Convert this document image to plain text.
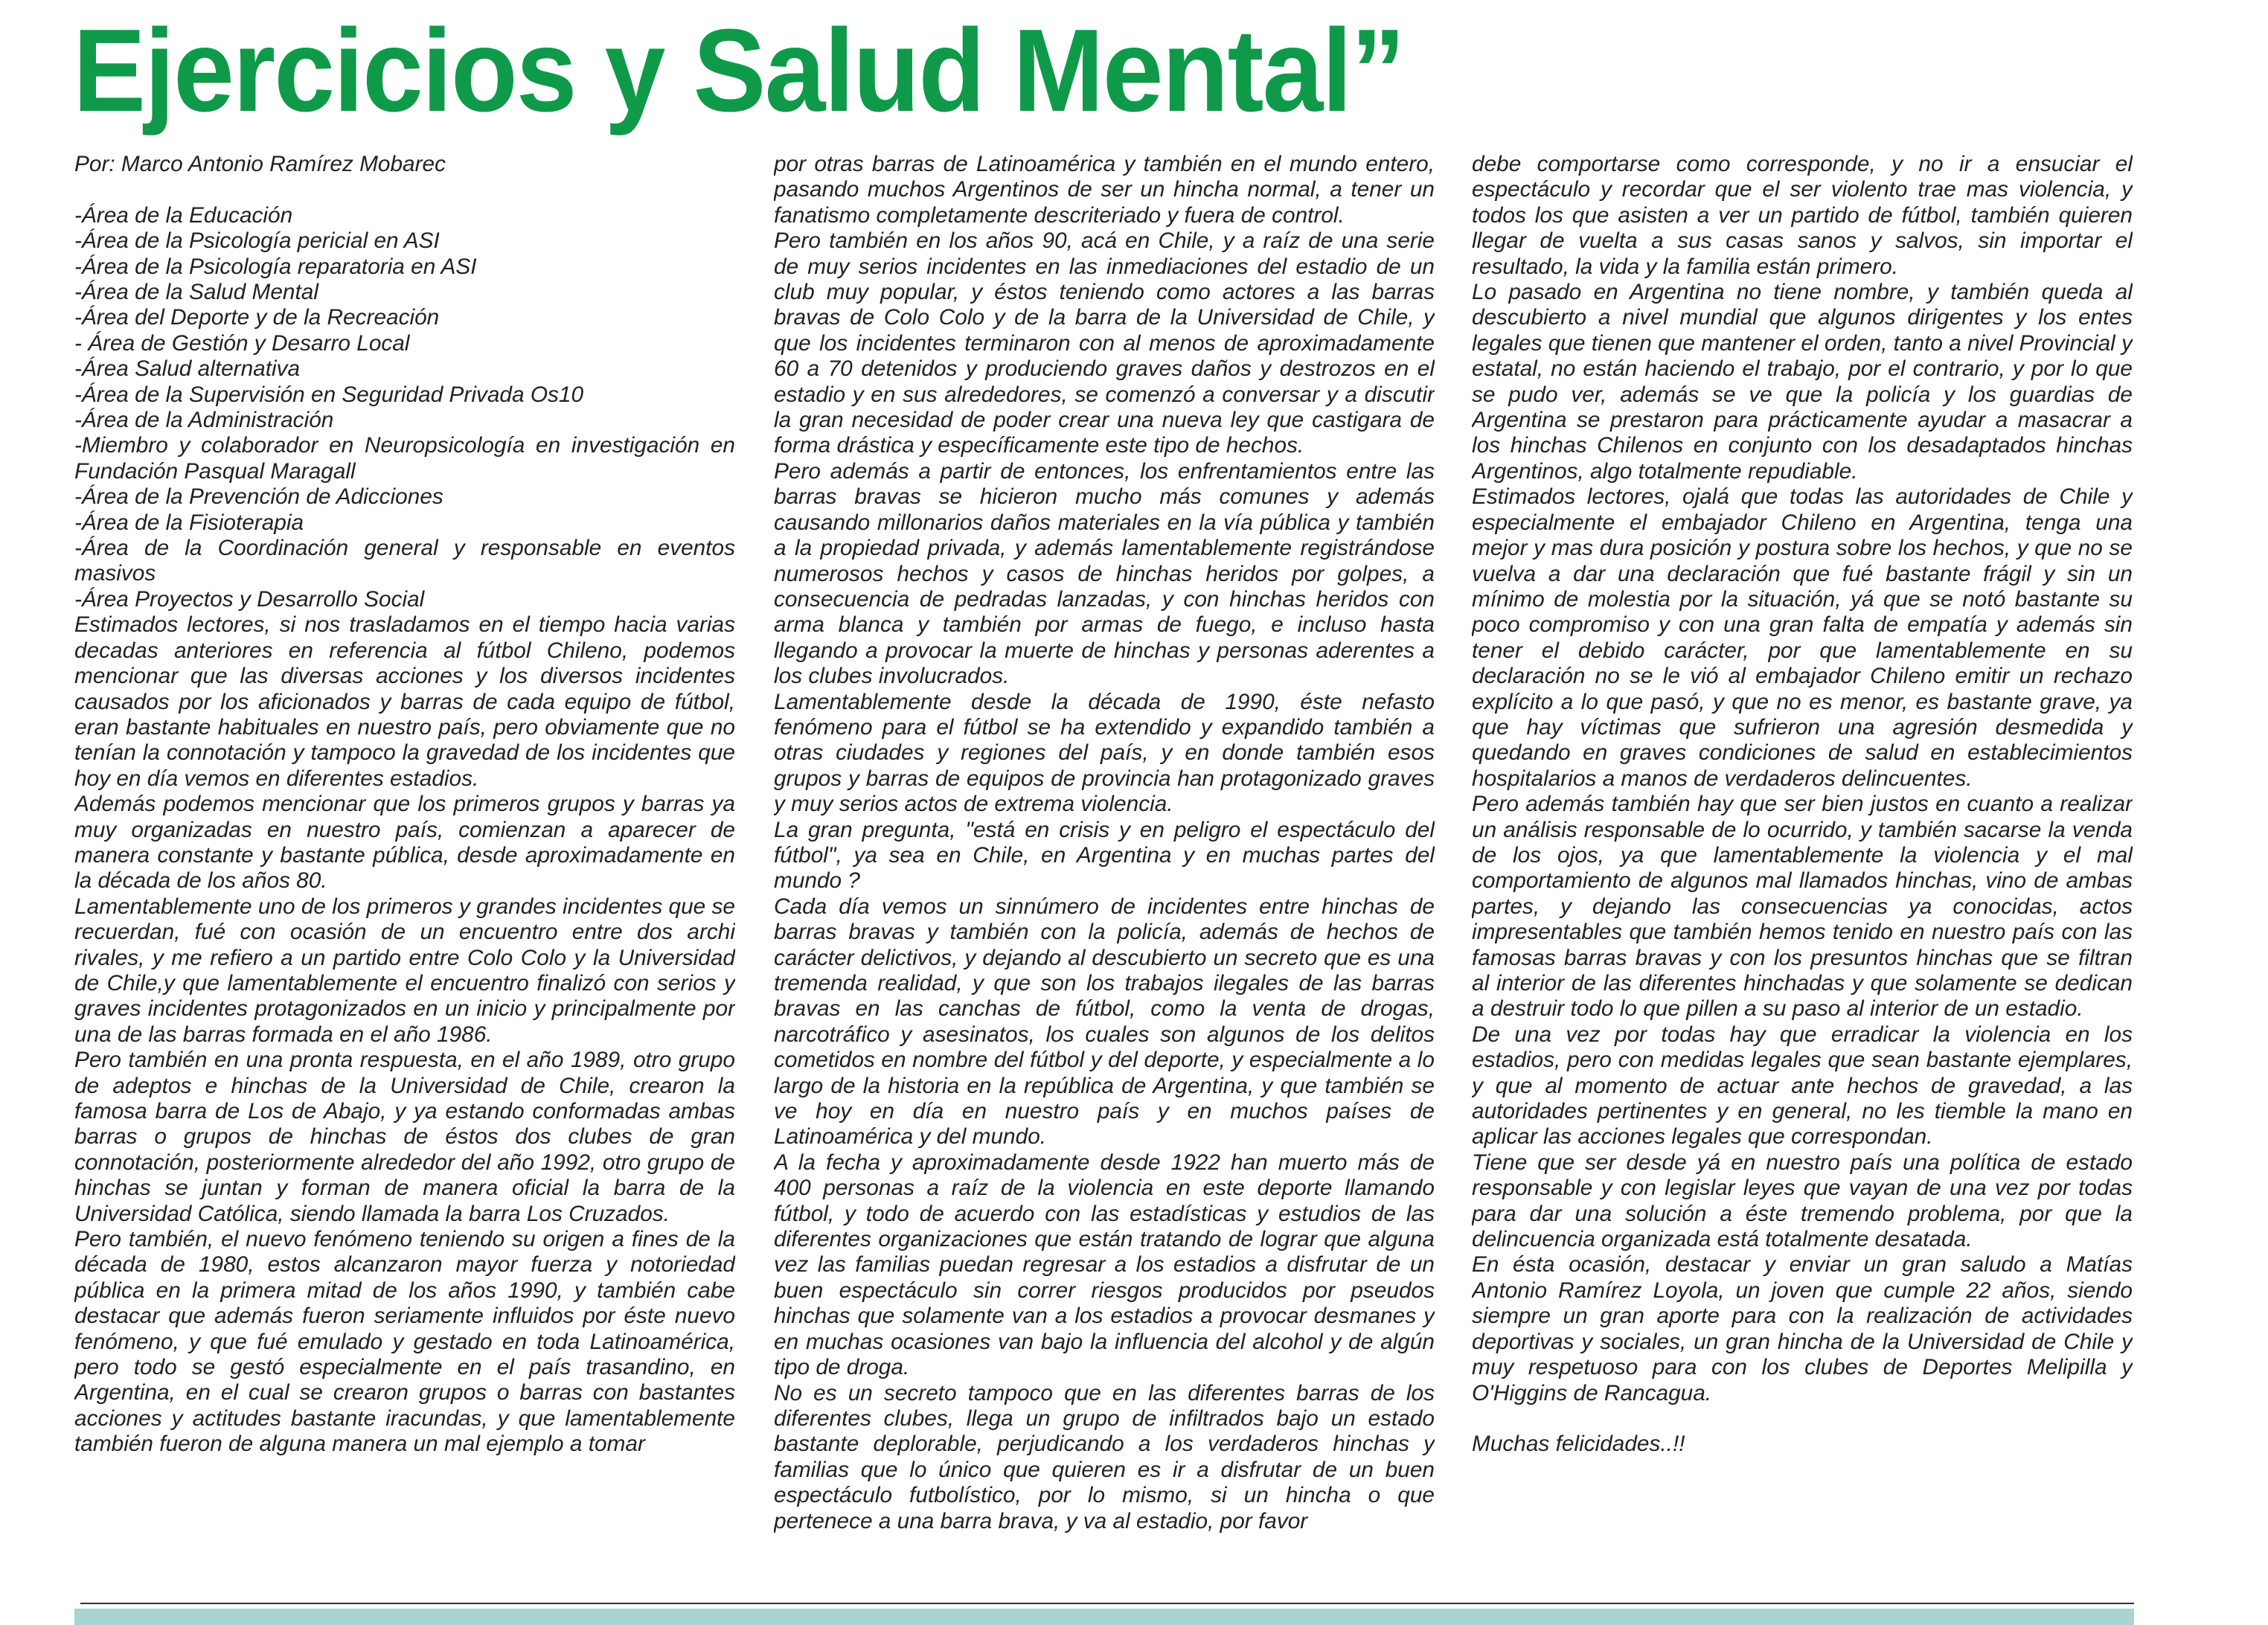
Ejercicios y Salud Mental”
Por: Marco Antonio Ramírez Mobarec
-Área de la Educación
-Área de la Psicología pericial en ASI
-Área de la Psicología reparatoria en ASI
-Área de la Salud Mental
-Área del Deporte y de la Recreación
- Área de Gestión y Desarro Local
-Área Salud alternativa
-Área de la Supervisión en Seguridad Privada Os10
-Área de la Administración

-Miembro y colaborador en Neuropsicología en investigación en Fundación Pasqual Maragall

-Área de la Prevención de Adicciones
-Área de la Fisioterapia

-Área de la Coordinación general y responsable en eventos masivos

-Área Proyectos y Desarrollo Social

Estimados lectores, si nos trasladamos en el tiempo hacia varias decadas anteriores en referencia al fútbol Chileno, podemos mencionar que las diversas acciones y los diversos incidentes causados por los aficionados y barras de cada equipo de fútbol, eran bastante habituales en nuestro país, pero obviamente que no tenían la connotación y tampoco la gravedad de los incidentes que hoy en día vemos en diferentes estadios.

Además podemos mencionar que los primeros grupos y barras ya muy organizadas en nuestro país, comienzan a aparecer de manera constante y bastante pública, desde aproximadamente en la década de los años 80.

Lamentablemente uno de los primeros y grandes incidentes que se recuerdan, fué con ocasión de un encuentro entre dos archi rivales, y me refiero a un partido entre Colo Colo y la Universidad de Chile,y que lamentablemente el encuentro finalizó con serios y graves incidentes protagonizados en un inicio y principalmente por una de las barras formada en el año 1986.

Pero también en una pronta respuesta, en el año 1989, otro grupo de adeptos e hinchas de la Universidad de Chile, crearon la famosa barra de Los de Abajo, y ya estando conformadas ambas barras o grupos de hinchas de éstos dos clubes de gran connotación, posteriormente alrededor del año 1992, otro grupo de hinchas se juntan y forman de manera oficial la barra de la Universidad Católica, siendo llamada la barra Los Cruzados.

Pero también, el nuevo fenómeno teniendo su origen a fines de la década de 1980, estos alcanzaron mayor fuerza y notoriedad pública en la primera mitad de los años 1990, y también cabe destacar que además fueron seriamente influidos por éste nuevo fenómeno, y que fué emulado y gestado en toda Latinoamérica, pero todo se gestó especialmente en el país trasandino, en Argentina, en el cual se crearon grupos o barras con bastantes acciones y actitudes bastante iracundas, y que lamentablemente también fueron de alguna manera un mal ejemplo a tomar

por otras barras de Latinoamérica y también en el mundo entero, pasando muchos Argentinos de ser un hincha normal, a tener un fanatismo completamente descriteriado y fuera de control.

Pero también en los años 90, acá en Chile, y a raíz de una serie de muy serios incidentes en las inmediaciones del estadio de un club muy popular, y éstos teniendo como actores a las barras bravas de Colo Colo y de la barra de la Universidad de Chile, y que los incidentes terminaron con al menos de aproximadamente 60 a 70 detenidos y produciendo graves daños y destrozos en el estadio y en sus alrededores, se comenzó a conversar y a discutir la gran necesidad de poder crear una nueva ley que castigara de forma drástica y específicamente este tipo de hechos.

Pero además a partir de entonces, los enfrentamientos entre las barras bravas se hicieron mucho más comunes y además causando millonarios daños materiales en la vía pública y también a la propiedad privada, y además lamentablemente registrándose numerosos hechos y casos de hinchas heridos por golpes, a consecuencia de pedradas lanzadas, y con hinchas heridos con arma blanca y también por armas de fuego, e incluso hasta llegando a provocar la muerte de hinchas y personas aderentes a los clubes involucrados.

Lamentablemente desde la década de 1990, éste nefasto fenómeno para el fútbol se ha extendido y expandido también a otras ciudades y regiones del país, y en donde también esos grupos y barras de equipos de provincia han protagonizado graves y muy serios actos de extrema violencia.

La gran pregunta, "está en crisis y en peligro el espectáculo del fútbol", ya sea en Chile, en Argentina y en muchas partes del mundo ?

Cada día vemos un sinnúmero de incidentes entre hinchas de barras bravas y también con la policía, además de hechos de carácter delictivos, y dejando al descubierto un secreto que es una tremenda realidad, y que son los trabajos ilegales de las barras bravas en las canchas de fútbol, como la venta de drogas, narcotráfico y asesinatos, los cuales son algunos de los delitos cometidos en nombre del fútbol y del deporte, y especialmente a lo largo de la historia en la república de Argentina, y que también se ve hoy en día en nuestro país y en muchos países de Latinoamérica y del mundo.

A la fecha y aproximadamente desde 1922 han muerto más de 400 personas a raíz de la violencia en este deporte llamando fútbol, y todo de acuerdo con las estadísticas y estudios de las diferentes organizaciones que están tratando de lograr que alguna vez las familias puedan regresar a los estadios a disfrutar de un buen espectáculo sin correr riesgos producidos por pseudos hinchas que solamente van a los estadios a provocar desmanes y en muchas ocasiones van bajo la influencia del alcohol y de algún tipo de droga.

No es un secreto tampoco que en las diferentes barras de los diferentes clubes, llega un grupo de infiltrados bajo un estado bastante deplorable, perjudicando a los verdaderos hinchas y familias que lo único que quieren es ir a disfrutar de un buen espectáculo futbolístico, por lo mismo, si un hincha o que pertenece a una barra brava, y va al estadio, por favor

debe comportarse como corresponde, y no ir a ensuciar el espectáculo y recordar que el ser violento trae mas violencia, y todos los que asisten a ver un partido de fútbol, también quieren llegar de vuelta a sus casas sanos y salvos, sin importar el resultado, la vida y la familia están primero.

Lo pasado en Argentina no tiene nombre, y también queda al descubierto a nivel mundial que algunos dirigentes y los entes legales que tienen que mantener el orden, tanto a nivel Provincial y estatal, no están haciendo el trabajo, por el contrario, y por lo que se pudo ver, además se ve que la policía y los guardias de Argentina se prestaron para prácticamente ayudar a masacrar a los hinchas Chilenos en conjunto con los desadaptados hinchas Argentinos, algo totalmente repudiable.

Estimados lectores, ojalá que todas las autoridades de Chile y especialmente el embajador Chileno en Argentina, tenga una mejor y mas dura posición y postura sobre los hechos, y que no se vuelva a dar una declaración que fué bastante frágil y sin un mínimo de molestia por la situación, yá que se notó bastante su poco compromiso y con una gran falta de empatía y además sin tener el debido carácter, por que lamentablemente en su declaración no se le vió al embajador Chileno emitir un rechazo explícito a lo que pasó, y que no es menor, es bastante grave, ya que hay víctimas que sufrieron una agresión desmedida y quedando en graves condiciones de salud en establecimientos hospitalarios a manos de verdaderos delincuentes.

Pero además también hay que ser bien justos en cuanto a realizar un análisis responsable de lo ocurrido, y también sacarse la venda de los ojos, ya que lamentablemente la violencia y el mal comportamiento de algunos mal llamados hinchas, vino de ambas partes, y dejando las consecuencias ya conocidas, actos impresentables que también hemos tenido en nuestro país con las famosas barras bravas y con los presuntos hinchas que se filtran al interior de las diferentes hinchadas y que solamente se dedican a destruir todo lo que pillen a su paso al interior de un estadio.

De una vez por todas hay que erradicar la violencia en los estadios, pero con medidas legales que sean bastante ejemplares, y que al momento de actuar ante hechos de gravedad, a las autoridades pertinentes y en general, no les tiemble la mano en aplicar las acciones legales que correspondan.

Tiene que ser desde yá en nuestro país una política de estado responsable y con legislar leyes que vayan de una vez por todas para dar una solución a éste tremendo problema, por que la delincuencia organizada está totalmente desatada.

En ésta ocasión, destacar y enviar un gran saludo a Matías Antonio Ramírez Loyola, un joven que cumple 22 años, siendo siempre un gran aporte para con la realización de actividades deportivas y sociales, un gran hincha de la Universidad de Chile y muy respetuoso para con los clubes de Deportes Melipilla y O'Higgins de Rancagua.

Muchas felicidades..!!
